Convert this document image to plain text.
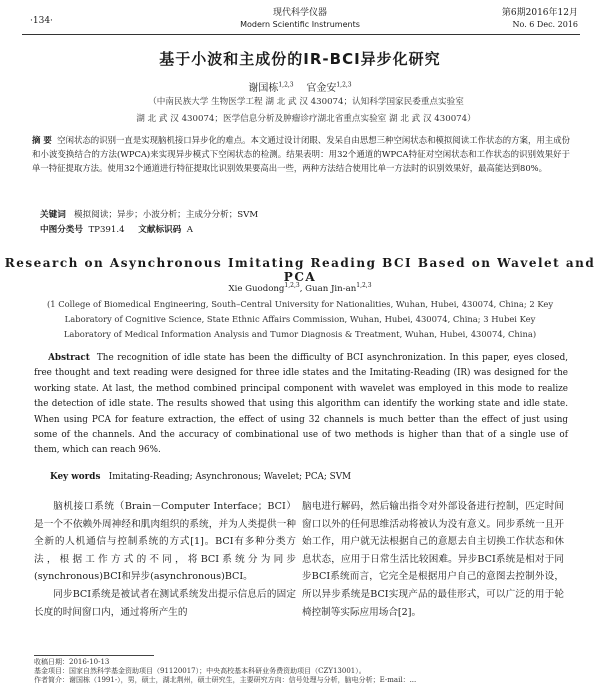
·134·
现代科学仪器
Modern Scientific Instruments
第6期2016年12月
No. 6 Dec. 2016
基于小波和主成份的IR-BCI异步化研究
谢国栋$^{1,2,3}$ 官金安$^{1,2,3}$
（中南民族大学 生物医学工程 湖 北 武 汉 430074；认知科学国家民委重点实验室
湖 北 武 汉 430074；医学信息分析及肿瘤诊疗湖北省重点实验室 湖 北 武 汉 430074）
摘 要 空闲状态的识别一直是实现脑机接口异步化的难点。本文通过设计闭眼、发呆自由思想三种空闲状态和模拟阅读工作状态的方案，用主成份和小波变换结合的方法(WPCA)来实现异步模式下空闲状态的检测。结果表明：用32个通道的WPCA特征对空闲状态和工作状态的识别效果好于单一特征提取方法。使用32个通道进行特征提取比识别效果要高出一些，两种方法结合使用比单一方法时的识别效果好，最高能达到80%。
关键词 模拟阅读；异步；小波分析；主成分分析；SVM
中图分类号 TP391.4 文献标识码 A
Research on Asynchronous Imitating Reading BCI Based on Wavelet and PCA
Xie Guodong$^{1,2,3}$, Guan Jin-an$^{1,2,3}$
(1 College of Biomedical Engineering, South–Central University for Nationalities, Wuhan, Hubei, 430074, China; 2 Key Laboratory of Cognitive Science, State Ethnic Affairs Commission, Wuhan, Hubei, 430074, China; 3 Hubei Key Laboratory of Medical Information Analysis and Tumor Diagnosis & Treatment, Wuhan, Hubei, 430074, China)
Abstract The recognition of idle state has been the difficulty of BCI asynchronization. In this paper, eyes closed, free thought and text reading were designed for three idle states and the Imitating-Reading (IR) was designed for the working state. At last, the method combined principal component with wavelet was employed in this mode to realize the detection of idle state. The results showed that using this algorithm can identify the working state and idle state. When using PCA for feature extraction, the effect of using 32 channels is much better than the effect of just using some of the channels. And the accuracy of combinational use of two methods is higher than that of a single use of them, which can reach 96%.
Key words Imitating-Reading; Asynchronous; Wavelet; PCA; SVM
脑机接口系统（Brain－Computer Interface；BCI）是一个不依赖外周神经和肌肉组织的系统，并为人类提供一种全新的人机通信与控制系统的方式[1]。BCI有多种分类方法，根据工作方式的不同，将BCI系统分为同步(synchronous)BCI和异步(asynchronous)BCI。
同步BCI系统是被试者在测试系统发出提示信息后的固定长度的时间窗口内，通过将所产生的
脑电进行解码，然后输出指令对外部设备进行控制，匹定时间窗口以外的任何思维活动将被认为没有意义。同步系统一且开始工作，用户就无法根据自己的意愿去自主切换工作状态和休息状态，应用于日常生活比较困难。异步BCI系统是相对于同步BCI系统而言，它完全是根据用户自己的意图去控制外设，所以异步系统是BCI实现产品的最佳形式，可以广泛的用于轮椅控制等实际应用场合[2]。
收稿日期：2016-10-13
基金项目：国家自然科学基金资助项目（91120017）；中央高校基本科研业务费资助项目（CZY13001）。
作者简介：谢国栋（1991-），男，硕士，湖北荆州，硕士研究生，主要研究方向：信号处理与分析，脑电分析；E-mail：...
